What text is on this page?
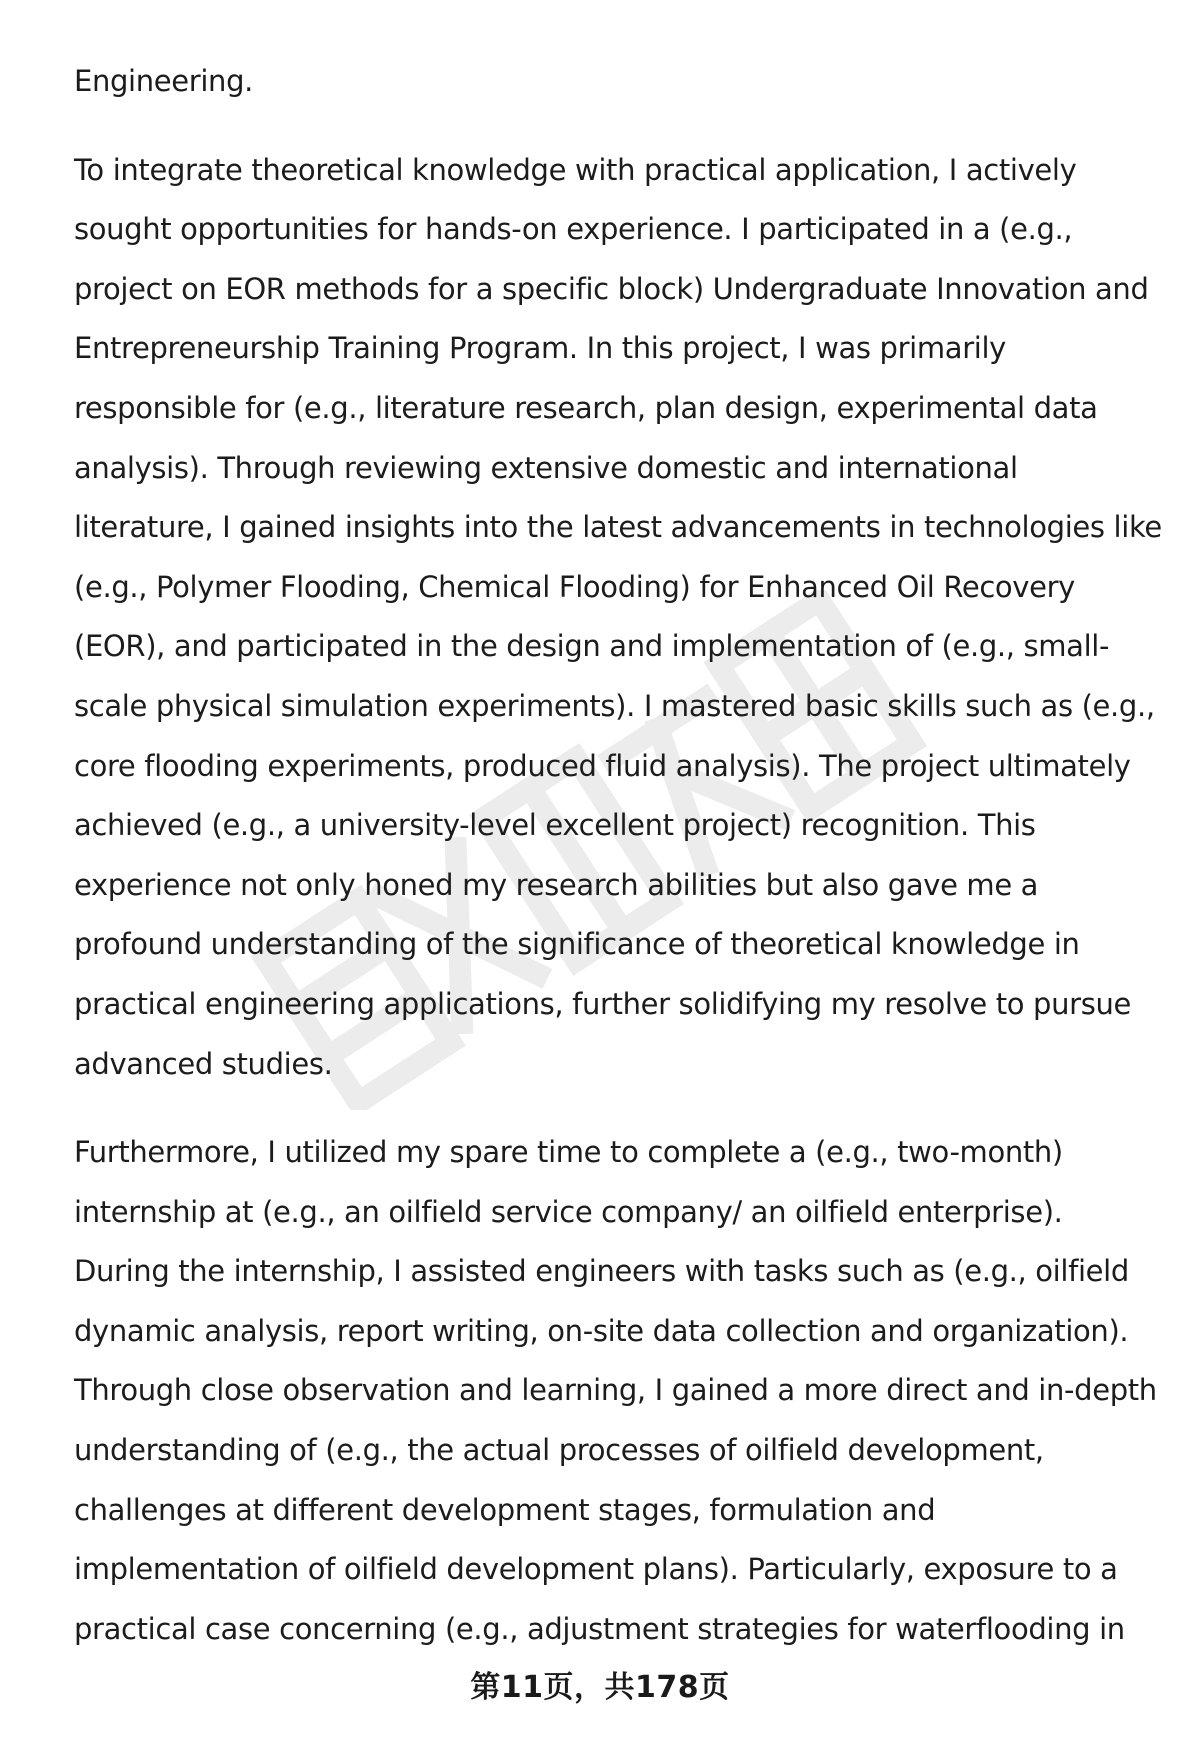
Engineering.

To integrate theoretical knowledge with practical application, I actively sought opportunities for hands-on experience. I participated in a (e.g., project on EOR methods for a specific block) Undergraduate Innovation and Entrepreneurship Training Program. In this project, I was primarily responsible for (e.g., literature research, plan design, experimental data analysis). Through reviewing extensive domestic and international literature, I gained insights into the latest advancements in technologies like (e.g., Polymer Flooding, Chemical Flooding) for Enhanced Oil Recovery (EOR), and participated in the design and implementation of (e.g., small-scale physical simulation experiments). I mastered basic skills such as (e.g., core flooding experiments, produced fluid analysis). The project ultimately achieved (e.g., a university-level excellent project) recognition. This experience not only honed my research abilities but also gave me a profound understanding of the significance of theoretical knowledge in practical engineering applications, further solidifying my resolve to pursue advanced studies.

Furthermore, I utilized my spare time to complete a (e.g., two-month) internship at (e.g., an oilfield service company/ an oilfield enterprise). During the internship, I assisted engineers with tasks such as (e.g., oilfield dynamic analysis, report writing, on-site data collection and organization). Through close observation and learning, I gained a more direct and in-depth understanding of (e.g., the actual processes of oilfield development, challenges at different development stages, formulation and implementation of oilfield development plans). Particularly, exposure to a practical case concerning (e.g., adjustment strategies for waterflooding in

第11页，共178页
